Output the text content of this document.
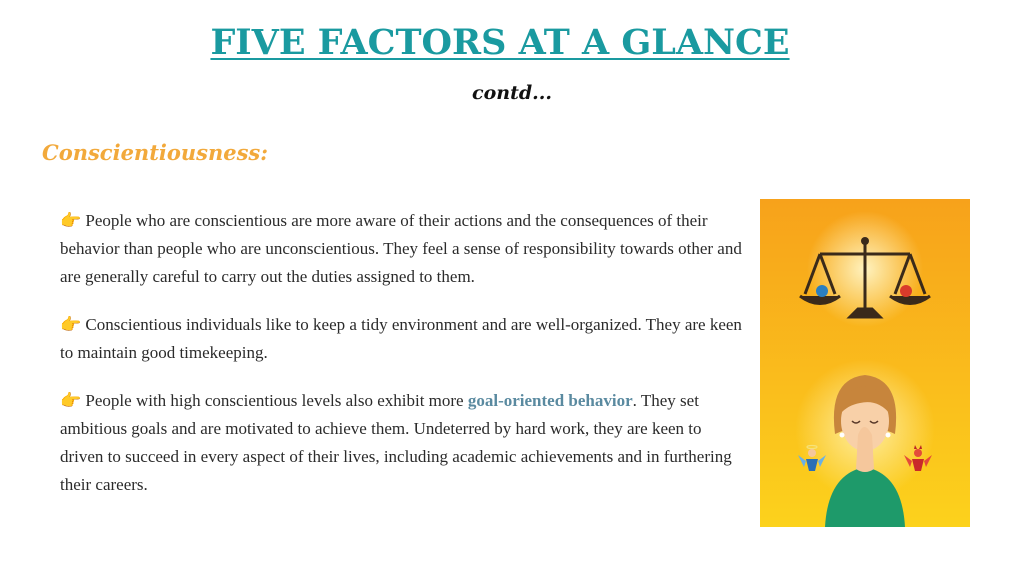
FIVE FACTORS AT A GLANCE
contd...
Conscientiousness:

👉 People who are conscientious are more aware of their actions and the consequences of their behavior than people who are unconscientious. They feel a sense of responsibility towards other and are generally careful to carry out the duties assigned to them.

👉 Conscientious individuals like to keep a tidy environment and are well-organized. They are keen to maintain good timekeeping.

👉 People with high conscientious levels also exhibit more goal-oriented behavior. They set ambitious goals and are motivated to achieve them. Undeterred by hard work, they are keen to driven to succeed in every aspect of their lives, including academic achievements and in furthering their careers.
